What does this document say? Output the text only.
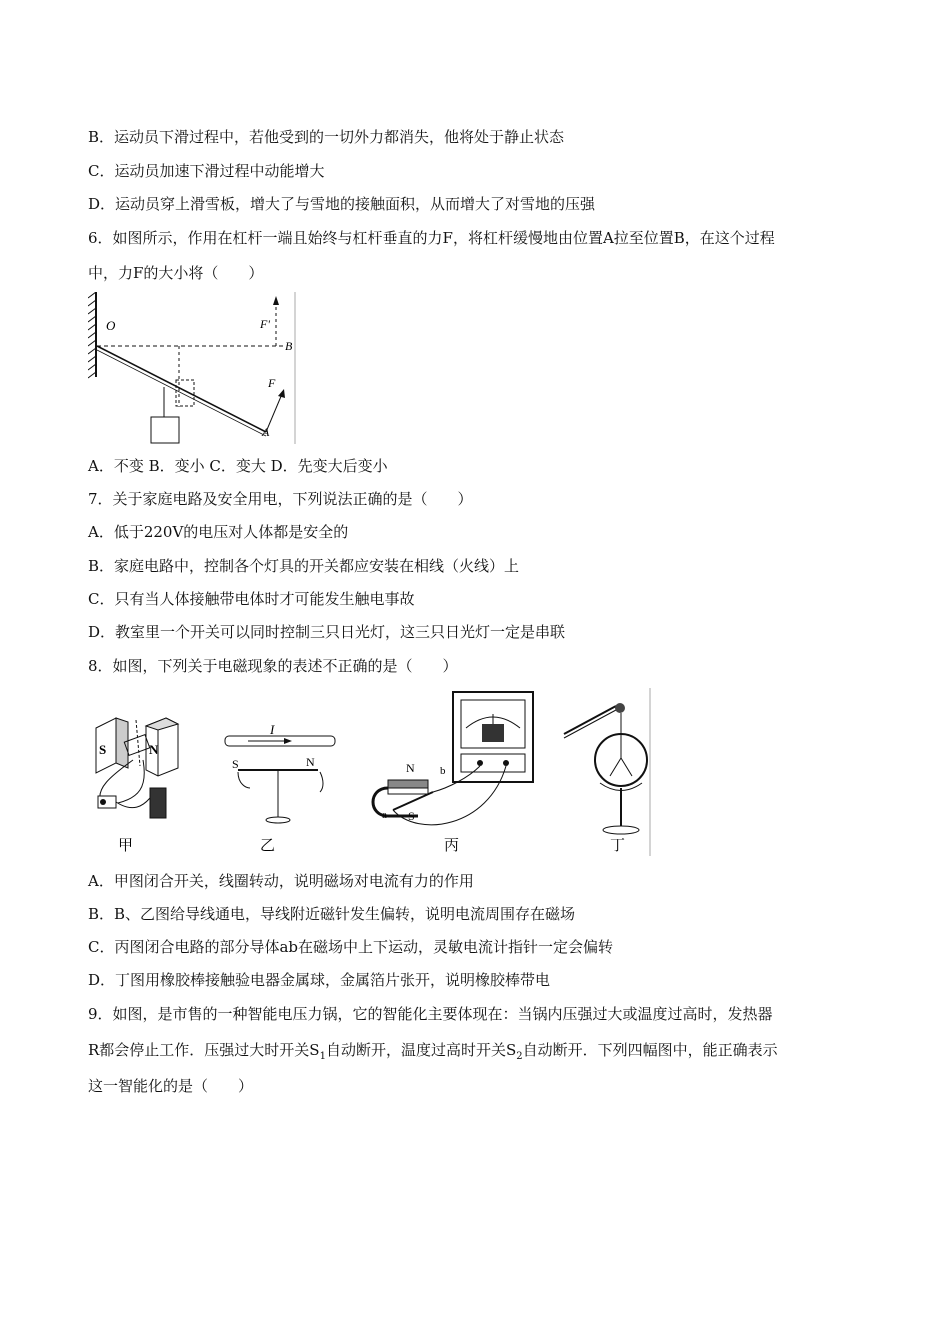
B．运动员下滑过程中，若他受到的一切外力都消失，他将处于静止状态
C．运动员加速下滑过程中动能增大
D．运动员穿上滑雪板，增大了与雪地的接触面积，从而增大了对雪地的压强
6．如图所示，作用在杠杆一端且始终与杠杆垂直的力F，将杠杆缓慢地由位置A拉至位置B，在这个过程
中，力F的大小将（　　）
O
B
F'
F
A
A．不变 B．变小 C．变大 D．先变大后变小
7．关于家庭电路及安全用电，下列说法正确的是（　　）
A．低于220V的电压对人体都是安全的
B．家庭电路中，控制各个灯具的开关都应安装在相线（火线）上
C．只有当人体接触带电体时才可能发生触电事故
D．教室里一个开关可以同时控制三只日光灯，这三只日光灯一定是串联
8．如图，下列关于电磁现象的表述不正确的是（　　）
S	N
甲
I
S	N
乙
N
S
a
b
丙	丁
A．甲图闭合开关，线圈转动，说明磁场对电流有力的作用
B．B、乙图给导线通电，导线附近磁针发生偏转，说明电流周围存在磁场
C．丙图闭合电路的部分导体ab在磁场中上下运动，灵敏电流计指针一定会偏转
D．丁图用橡胶棒接触验电器金属球，金属箔片张开，说明橡胶棒带电
9．如图，是市售的一种智能电压力锅，它的智能化主要体现在：当锅内压强过大或温度过高时，发热器
R都会停止工作．压强过大时开关$S_1$自动断开，温度过高时开关$S_2$自动断开．下列四幅图中，能正确表示
这一智能化的是（　　）
